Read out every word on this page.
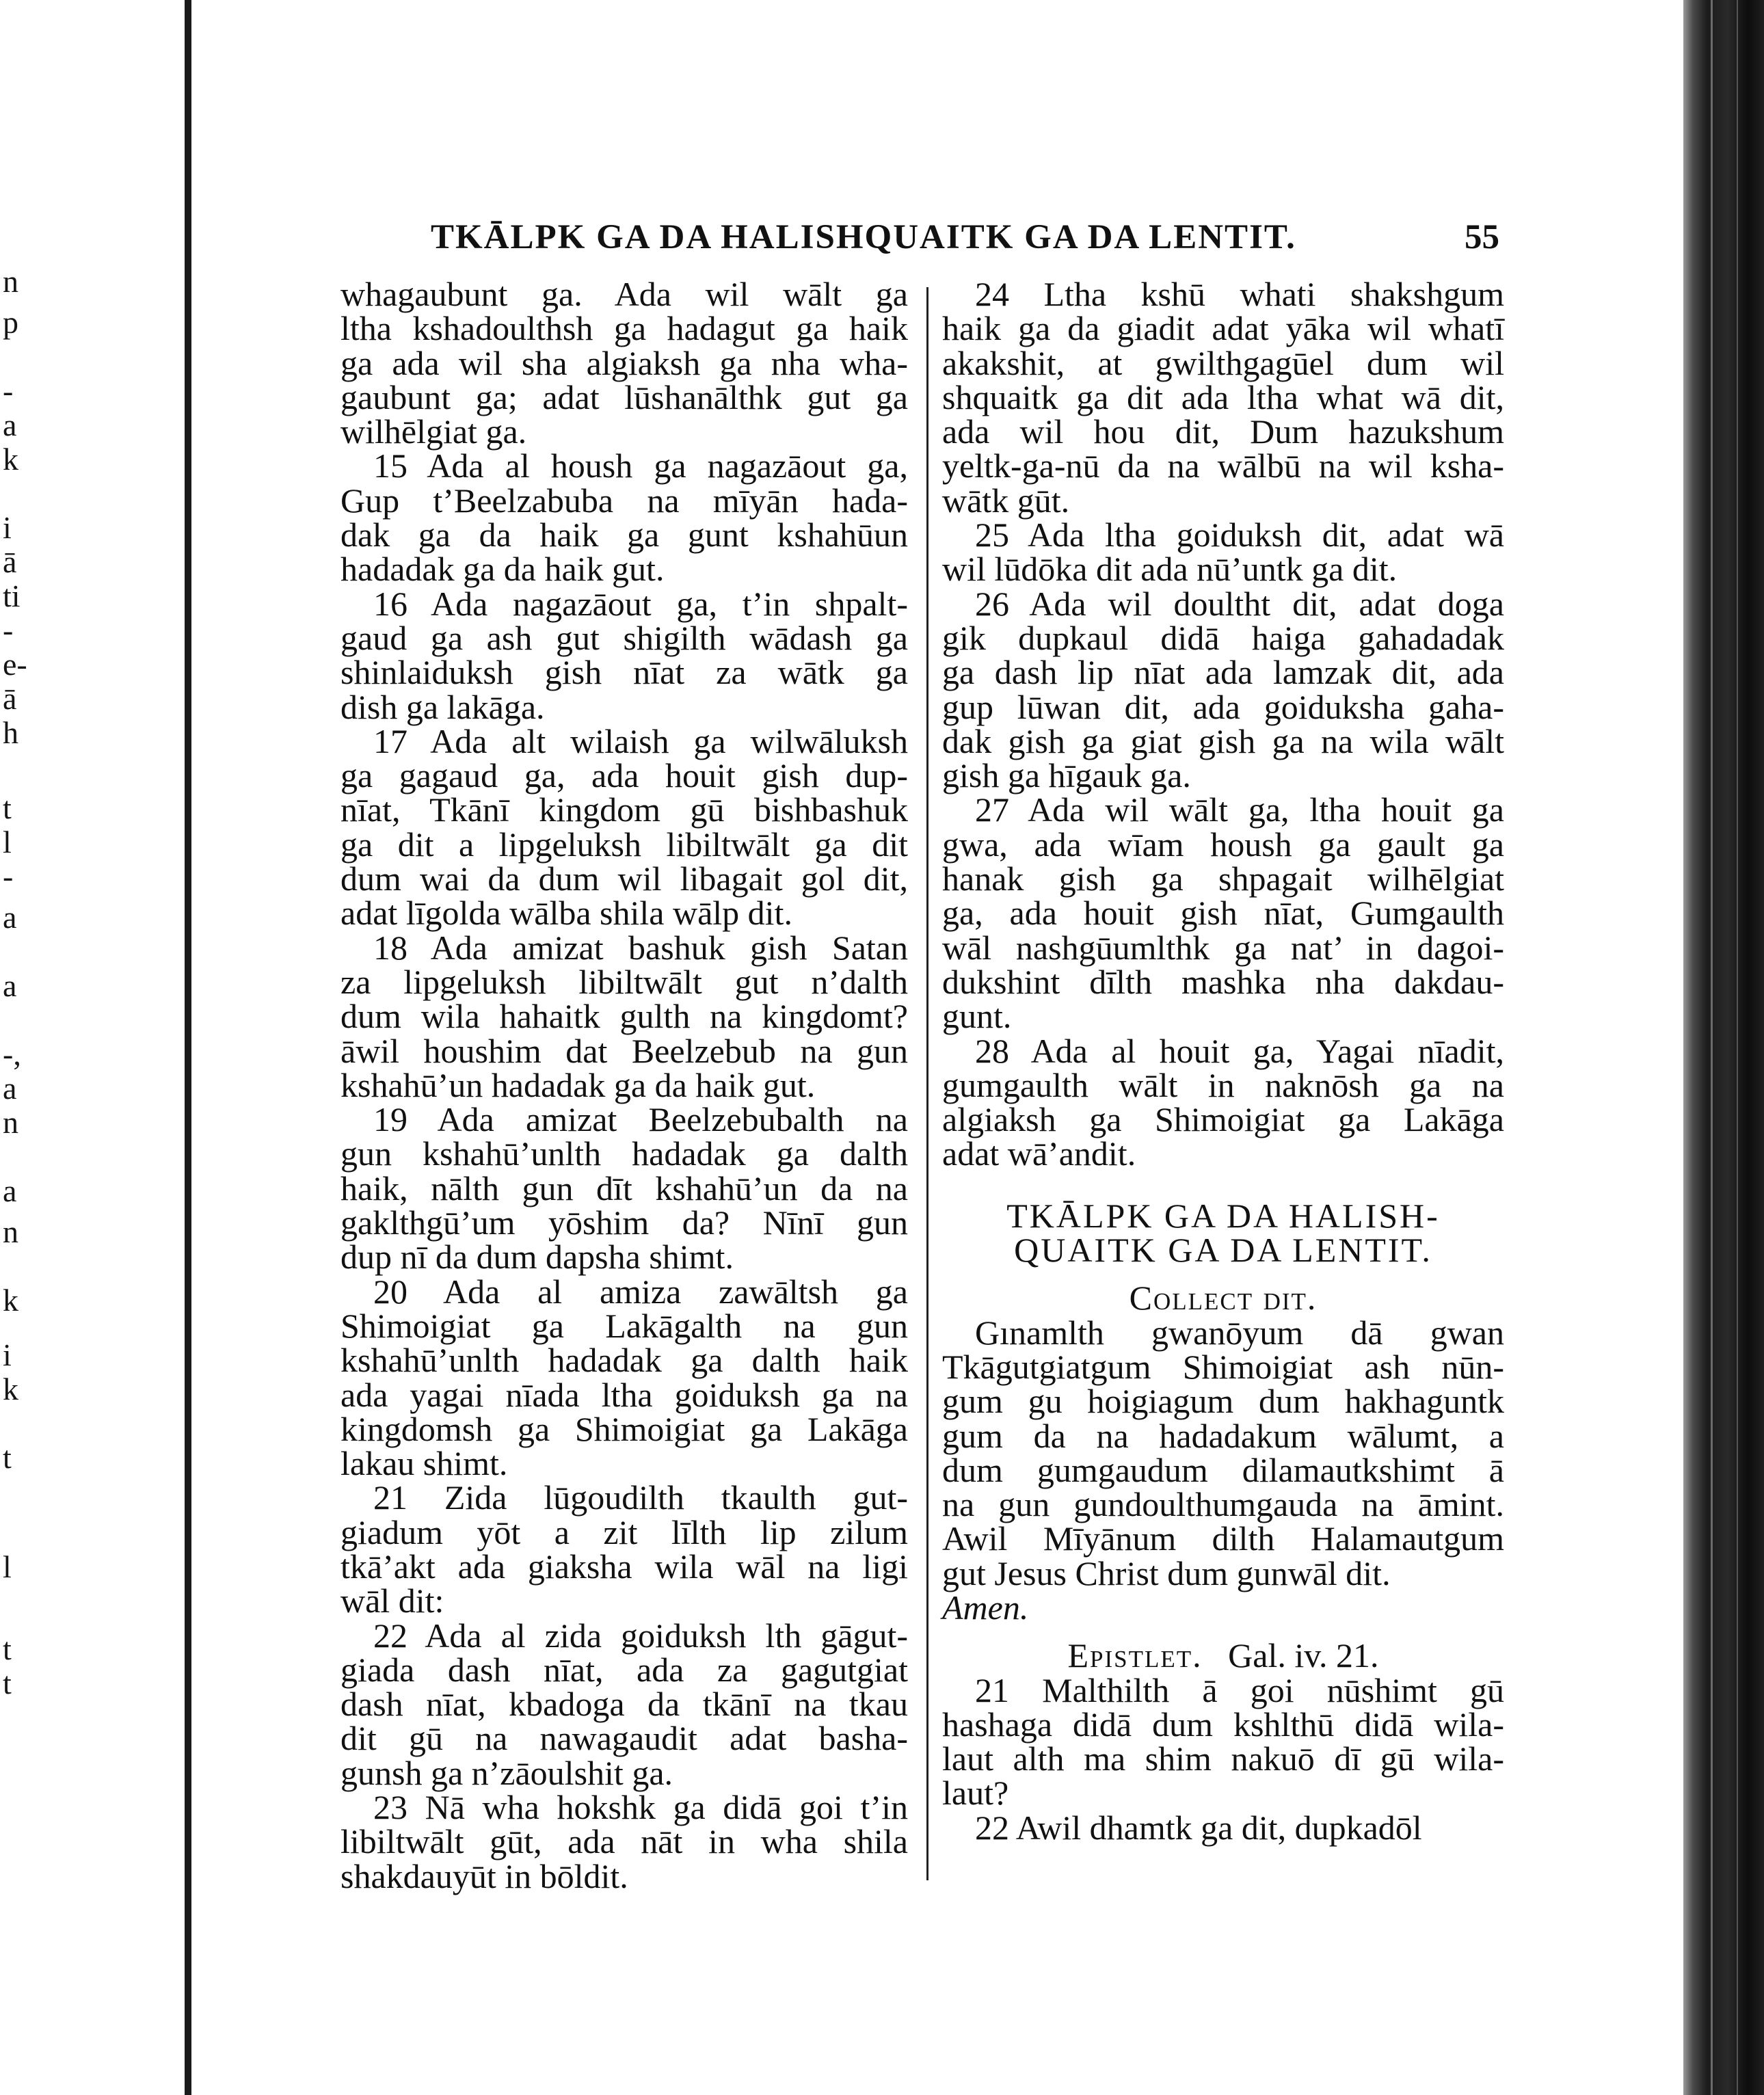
n
p
-
a
k
i
ā
ti
-
e-
ā
h
t
l
-
a
a
-,
a
n
a
n
k
i
k
t
l
t
t
TKĀLPK GA DA HALISHQUAITK GA DA LENTIT.	55
whagaubunt ga. Ada wil wālt ga
ltha kshadoulthsh ga hadagut ga haik
ga ada wil sha algiaksh ga nha wha-
gaubunt ga; adat lūshanālthk gut ga
wilhēlgiat ga.
15 Ada al housh ga nagazāout ga,
Gup t’Beelzabuba na mīyān hada-
dak ga da haik ga gunt kshahūun
hadadak ga da haik gut.
16 Ada nagazāout ga, t’in shpalt-
gaud ga ash gut shigilth wādash ga
shinlaiduksh gish nīat za wātk ga
dish ga lakāga.
17 Ada alt wilaish ga wilwāluksh
ga gagaud ga, ada houit gish dup-
nīat, Tkānī kingdom gū bishbashuk
ga dit a lipgeluksh libiltwālt ga dit
dum wai da dum wil libagait gol dit,
adat līgolda wālba shila wālp dit.
18 Ada amizat bashuk gish Satan
za lipgeluksh libiltwālt gut n’dalth
dum wila hahaitk gulth na kingdomt?
āwil houshim dat Beelzebub na gun
kshahū’un hadadak ga da haik gut.
19 Ada amizat Beelzebubalth na
gun kshahū’unlth hadadak ga dalth
haik, nālth gun dīt kshahū’un da na
gaklthgū’um yōshim da? Nīnī gun
dup nī da dum dapsha shimt.
20 Ada al amiza zawāltsh ga
Shimoigiat ga Lakāgalth na gun
kshahū’unlth hadadak ga dalth haik
ada yagai nīada ltha goiduksh ga na
kingdomsh ga Shimoigiat ga Lakāga
lakau shimt.
21 Zida lūgoudilth tkaulth gut-
giadum yōt a zit līlth lip zilum
tkā’akt ada giaksha wila wāl na ligi
wāl dit:
22 Ada al zida goiduksh lth gāgut-
giada dash nīat, ada za gagutgiat
dash nīat, kbadoga da tkānī na tkau
dit gū na nawagaudit adat basha-
gunsh ga n’zāoulshit ga.
23 Nā wha hokshk ga didā goi t’in
libiltwālt gūt, ada nāt in wha shila
shakdauyūt in bōldit.
24 Ltha kshū whati shakshgum
haik ga da giadit adat yāka wil whatī
akakshit, at gwilthgagūel dum wil
shquaitk ga dit ada ltha what wā dit,
ada wil hou dit, Dum hazukshum
yeltk-ga-nū da na wālbū na wil ksha-
wātk gūt.
25 Ada ltha goiduksh dit, adat wā
wil lūdōka dit ada nū’untk ga dit.
26 Ada wil doultht dit, adat doga
gik dupkaul didā haiga gahadadak
ga dash lip nīat ada lamzak dit, ada
gup lūwan dit, ada goiduksha gaha-
dak gish ga giat gish ga na wila wālt
gish ga hīgauk ga.
27 Ada wil wālt ga, ltha houit ga
gwa, ada wīam housh ga gault ga
hanak gish ga shpagait wilhēlgiat
ga, ada houit gish nīat, Gumgaulth
wāl nashgūumlthk ga nat’ in dagoi-
dukshint dīlth mashka nha dakdau-
gunt.
28 Ada al houit ga, Yagai nīadit,
gumgaulth wālt in naknōsh ga na
algiaksh ga Shimoigiat ga Lakāga
adat wā’andit.
TKĀLPK GA DA HALISH-
QUAITK GA DA LENTIT.
Collect dit.
Gınamlth gwanōyum dā gwan
Tkāgutgiatgum Shimoigiat ash nūn-
gum gu hoigiagum dum hakhaguntk
gum da na hadadakum wālumt, a
dum gumgaudum dilamautkshimt ā
na gun gundoulthumgauda na āmint.
Awil Mīyānum dilth Halamautgum
gut Jesus Christ dum gunwāl dit.
Amen.
Epistlet. Gal. iv. 21.
21 Malthilth ā goi nūshimt gū
hashaga didā dum kshlthū didā wila-
laut alth ma shim nakuō dī gū wila-
laut?
22 Awil dhamtk ga dit, dupkadōl
